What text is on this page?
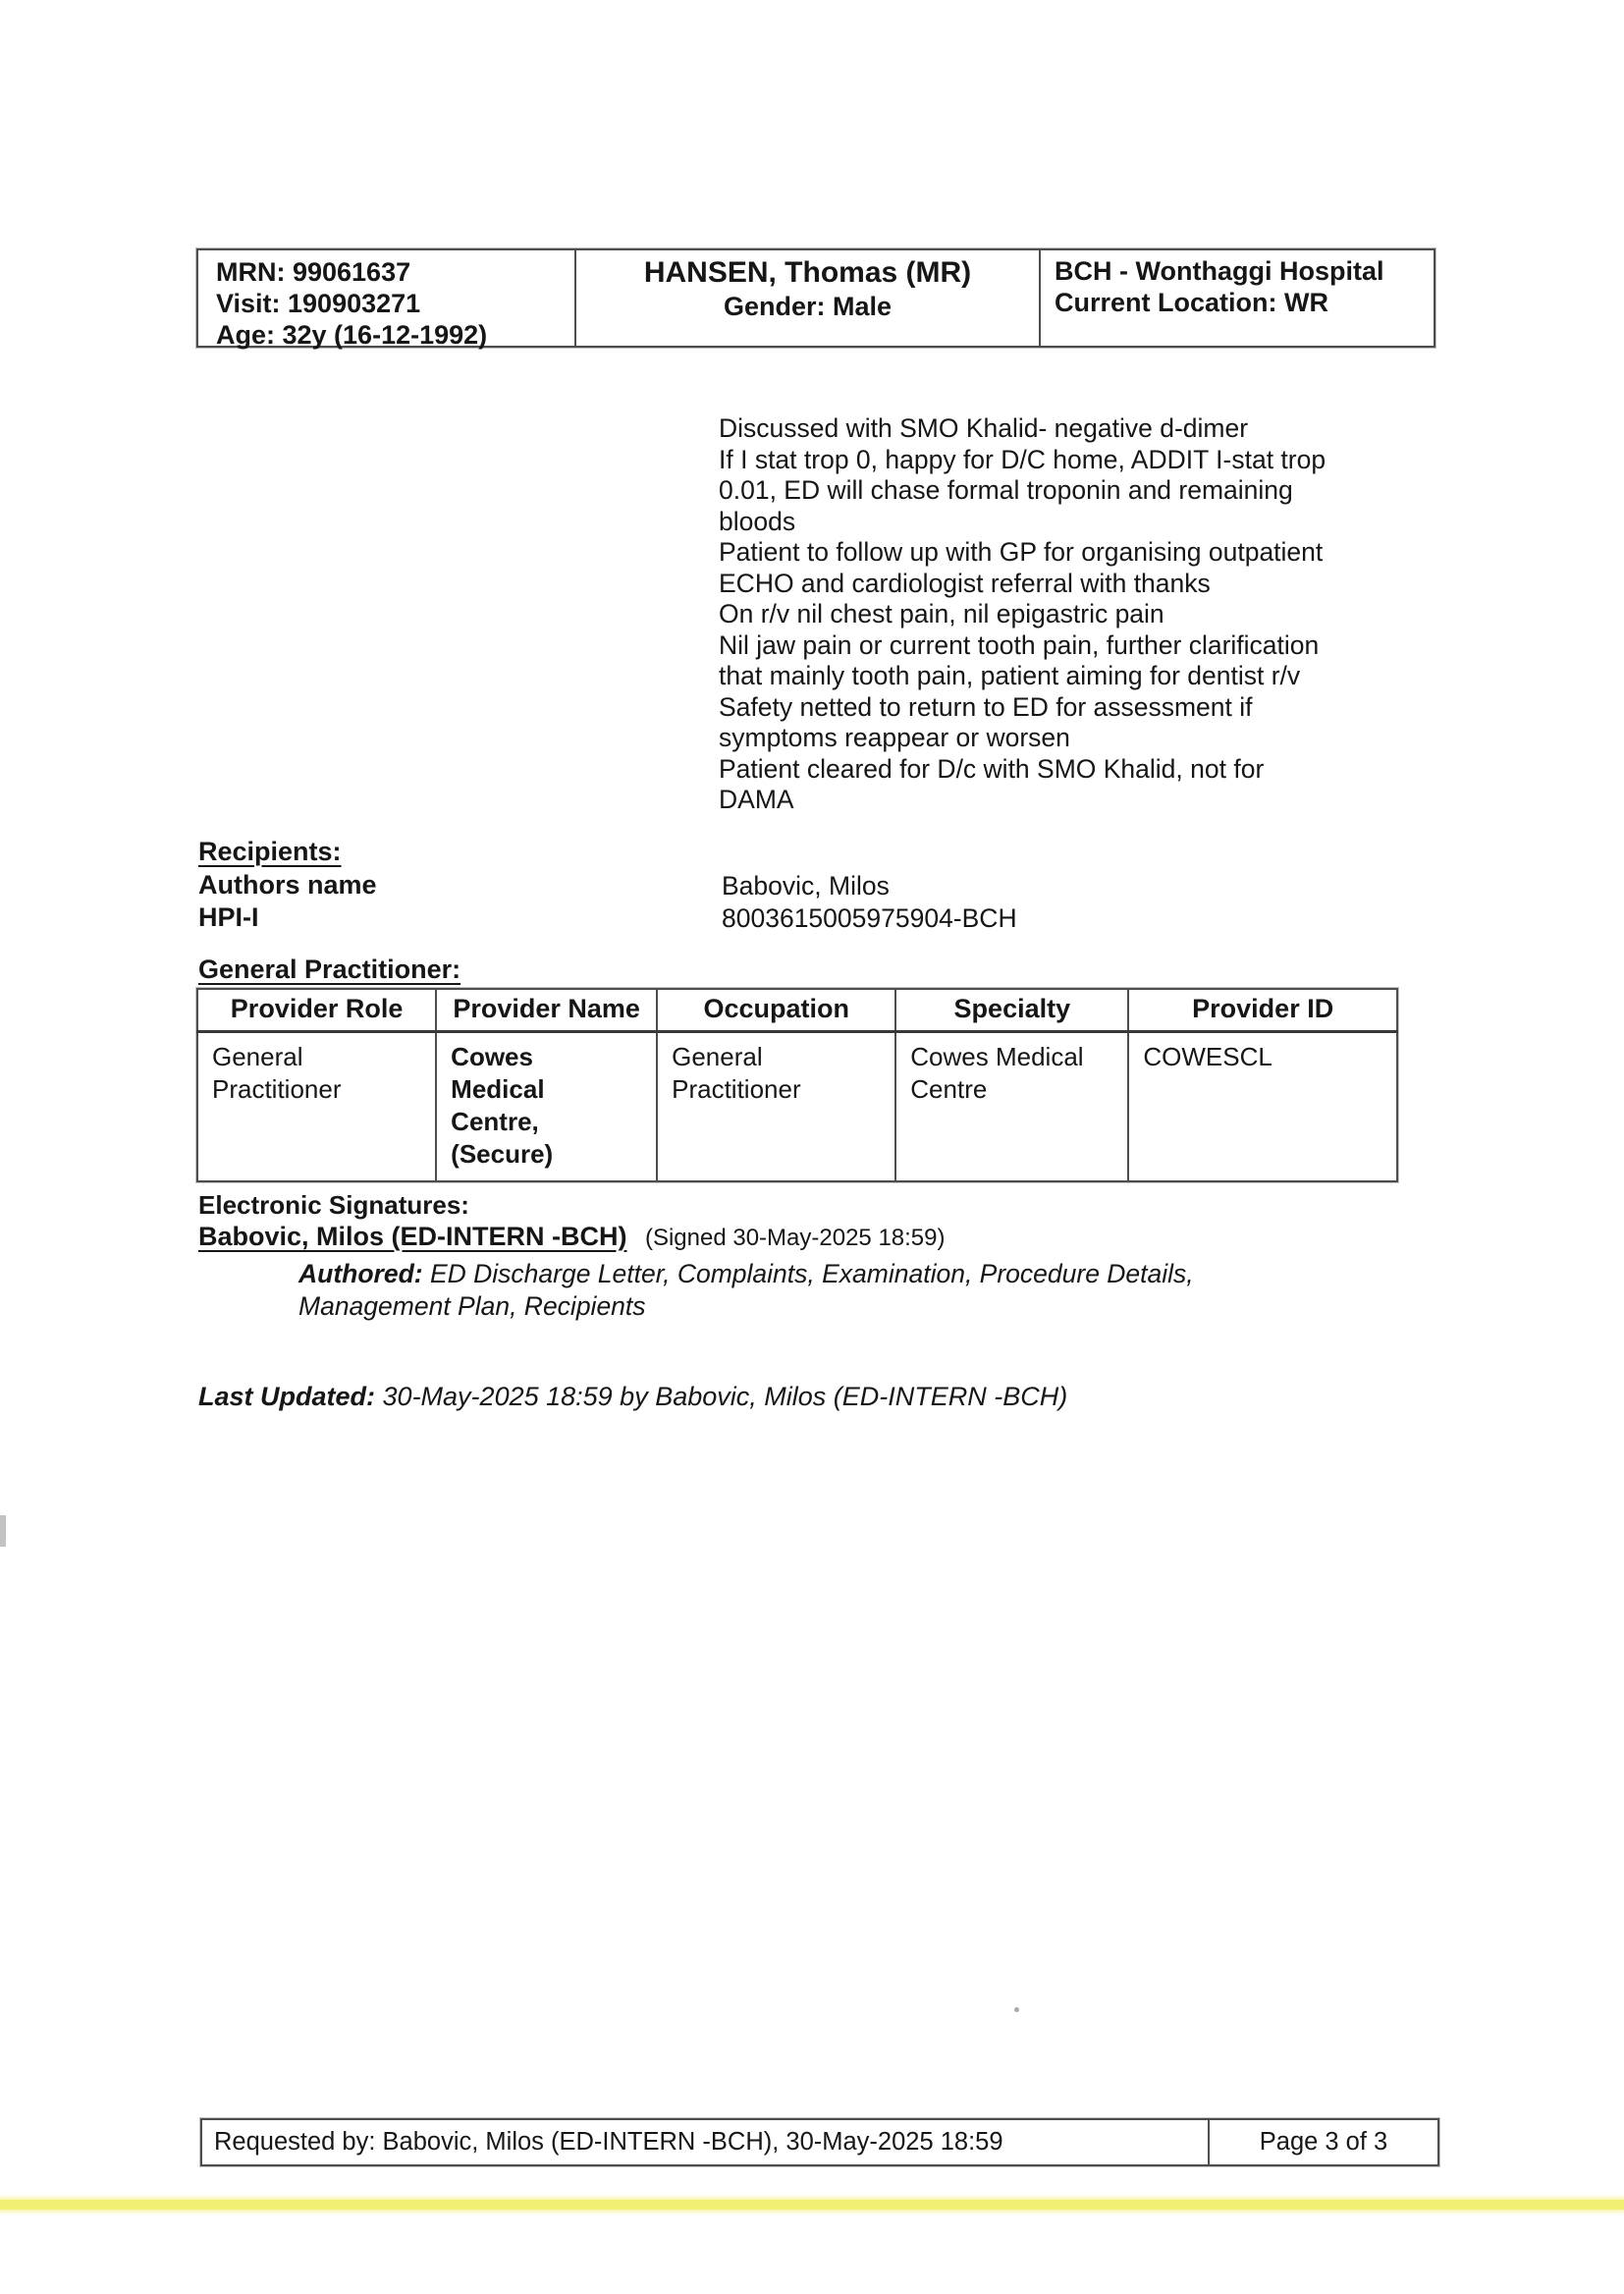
MRN: 99061637
Visit: 190903271
Age: 32y (16-12-1992)
HANSEN, Thomas (MR)
Gender: Male
BCH - Wonthaggi Hospital
Current Location: WR
Discussed with SMO Khalid- negative d-dimer
If I stat trop 0, happy for D/C home, ADDIT I-stat trop
0.01, ED will chase formal troponin and remaining
bloods
Patient to follow up with GP for organising outpatient
ECHO and cardiologist referral with thanks
On r/v nil chest pain, nil epigastric pain
Nil jaw pain or current tooth pain, further clarification
that mainly tooth pain, patient aiming for dentist r/v
Safety netted to return to ED for assessment if
symptoms reappear or worsen
Patient cleared for D/c with SMO Khalid, not for
DAMA
Recipients:
Authors name	Babovic, Milos
HPI-I	8003615005975904-BCH
General Practitioner:
Provider Role	Provider Name	Occupation	Specialty	Provider ID

General Practitioner	Cowes Medical Centre, (Secure)	General Practitioner	Cowes Medical Centre	COWESCL
Electronic Signatures:
Babovic, Milos (ED-INTERN -BCH) (Signed 30-May-2025 18:59)
Authored: ED Discharge Letter, Complaints, Examination, Procedure Details, Management Plan, Recipients
Last Updated: 30-May-2025 18:59 by Babovic, Milos (ED-INTERN -BCH)
Requested by: Babovic, Milos (ED-INTERN -BCH), 30-May-2025 18:59	Page 3 of 3
